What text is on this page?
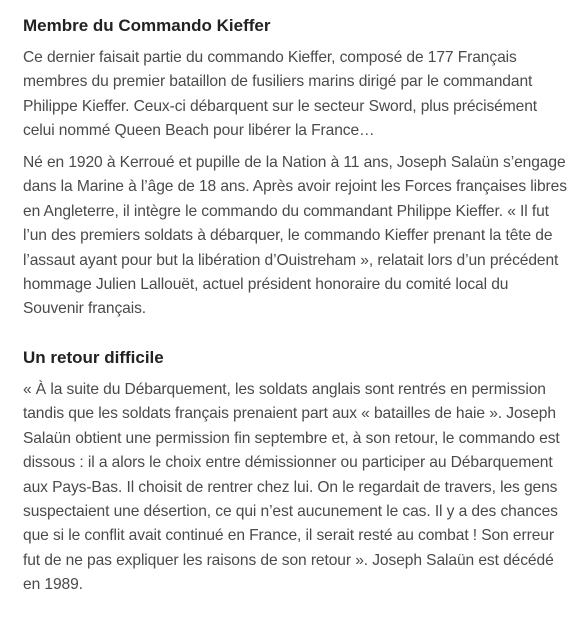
Membre du Commando Kieffer

Ce dernier faisait partie du commando Kieffer, composé de 177 Français membres du premier bataillon de fusiliers marins dirigé par le commandant Philippe Kieffer. Ceux-ci débarquent sur le secteur Sword, plus précisément celui nommé Queen Beach pour libérer la France…

Né en 1920 à Kerroué et pupille de la Nation à 11 ans, Joseph Salaün s’engage dans la Marine à l’âge de 18 ans. Après avoir rejoint les Forces françaises libres en Angleterre, il intègre le commando du commandant Philippe Kieffer. « Il fut l’un des premiers soldats à débarquer, le commando Kieffer prenant la tête de l’assaut ayant pour but la libération d’Ouistreham », relatait lors d’un précédent hommage Julien Lallouët, actuel président honoraire du comité local du Souvenir français.

Un retour difficile

« À la suite du Débarquement, les soldats anglais sont rentrés en permission tandis que les soldats français prenaient part aux « batailles de haie ». Joseph Salaün obtient une permission fin septembre et, à son retour, le commando est dissous : il a alors le choix entre démissionner ou participer au Débarquement aux Pays-Bas. Il choisit de rentrer chez lui. On le regardait de travers, les gens suspectaient une désertion, ce qui n’est aucunement le cas. Il y a des chances que si le conflit avait continué en France, il serait resté au combat ! Son erreur fut de ne pas expliquer les raisons de son retour ». Joseph Salaün est décédé en 1989.
